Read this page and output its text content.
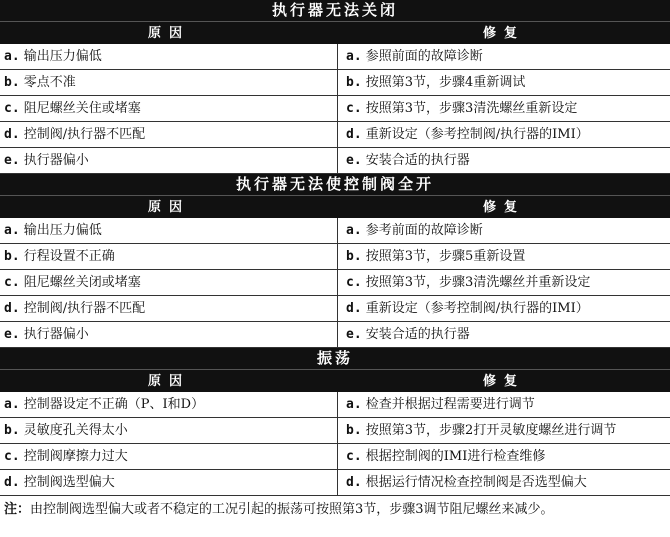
执行器无法关闭
原因	修复
a. 输出压力偏低	a. 参照前面的故障诊断
b. 零点不准	b. 按照第3节，步骤4重新调试
c. 阻尼螺丝关住或堵塞	c. 按照第3节，步骤3清洗螺丝重新设定
d. 控制阀/执行器不匹配	d. 重新设定（参考控制阀/执行器的IMI）
e. 执行器偏小	e. 安装合适的执行器
执行器无法使控制阀全开
原因	修复
a. 输出压力偏低	a. 参考前面的故障诊断
b. 行程设置不正确	b. 按照第3节，步骤5重新设置
c. 阻尼螺丝关闭或堵塞	c. 按照第3节，步骤3清洗螺丝并重新设定
d. 控制阀/执行器不匹配	d. 重新设定（参考控制阀/执行器的IMI）
e. 执行器偏小	e. 安装合适的执行器
振荡
原因	修复
a. 控制器设定不正确（P、I和D）	a. 检查并根据过程需要进行调节
b. 灵敏度孔关得太小	b. 按照第3节，步骤2打开灵敏度螺丝进行调节
c. 控制阀摩擦力过大	c. 根据控制阀的IMI进行检查维修
d. 控制阀选型偏大	d. 根据运行情况检查控制阀是否选型偏大
注：由控制阀选型偏大或者不稳定的工况引起的振荡可按照第3节，步骤3调节阻尼螺丝来减少。
